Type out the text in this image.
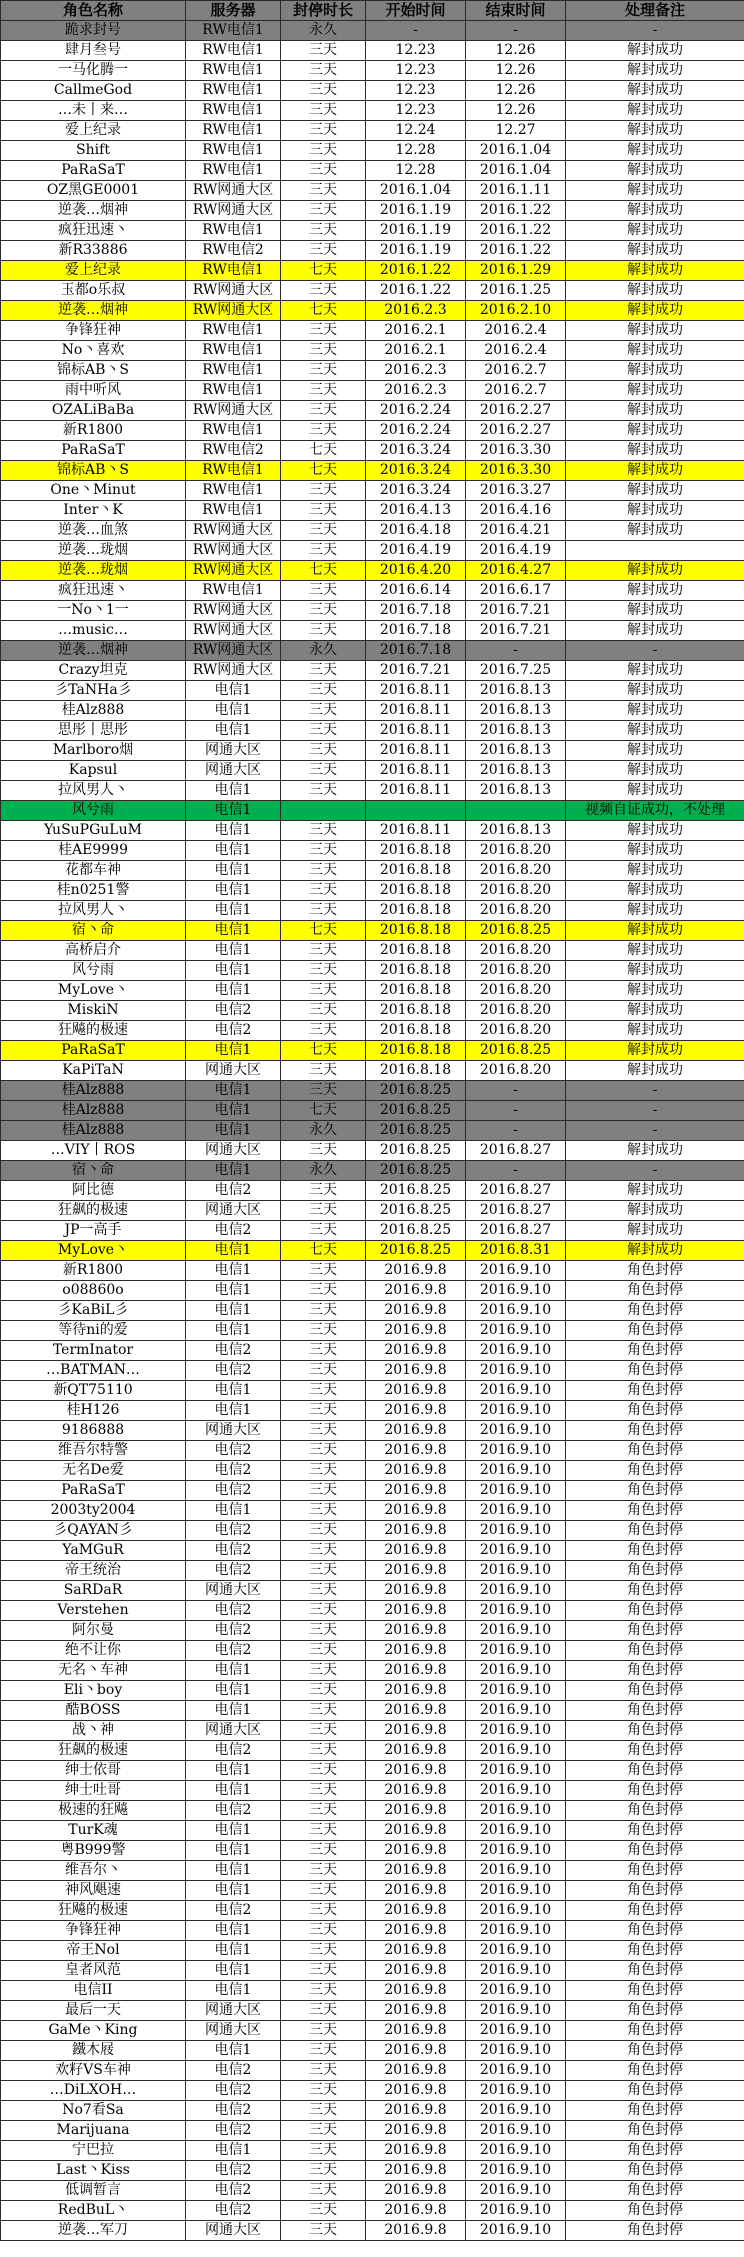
角色名称	服务器	封停时长	开始时间	结束时间	处理备注
跪求封号	RW电信1	永久	-	-	-
肆月叁号	RW电信1	三天	12.23	12.26	解封成功
一马化腾一	RW电信1	三天	12.23	12.26	解封成功
CallmeGod	RW电信1	三天	12.23	12.26	解封成功
…未丨来…	RW电信1	三天	12.23	12.26	解封成功
爱上纪录	RW电信1	三天	12.24	12.27	解封成功
Shift	RW电信1	三天	12.28	2016.1.04	解封成功
PaRaSaT	RW电信1	三天	12.28	2016.1.04	解封成功
OZ黑GE0001	RW网通大区	三天	2016.1.04	2016.1.11	解封成功
逆袭…烟神	RW网通大区	三天	2016.1.19	2016.1.22	解封成功
疯狂迅速丶	RW电信1	三天	2016.1.19	2016.1.22	解封成功
新R33886	RW电信2	三天	2016.1.19	2016.1.22	解封成功
爱上纪录	RW电信1	七天	2016.1.22	2016.1.29	解封成功
玉都o乐叔	RW网通大区	三天	2016.1.22	2016.1.25	解封成功
逆袭…烟神	RW网通大区	七天	2016.2.3	2016.2.10	解封成功
争锋狂神	RW电信1	三天	2016.2.1	2016.2.4	解封成功
No丶喜欢	RW电信1	三天	2016.2.1	2016.2.4	解封成功
锦标AB丶S	RW电信1	三天	2016.2.3	2016.2.7	解封成功
雨中听风	RW电信1	三天	2016.2.3	2016.2.7	解封成功
OZALiBaBa	RW网通大区	三天	2016.2.24	2016.2.27	解封成功
新R1800	RW电信1	三天	2016.2.24	2016.2.27	解封成功
PaRaSaT	RW电信2	七天	2016.3.24	2016.3.30	解封成功
锦标AB丶S	RW电信1	七天	2016.3.24	2016.3.30	解封成功
One丶Minut	RW电信1	三天	2016.3.24	2016.3.27	解封成功
Inter丶K	RW电信1	三天	2016.4.13	2016.4.16	解封成功
逆袭…血煞	RW网通大区	三天	2016.4.18	2016.4.21	解封成功
逆袭…珑烟	RW网通大区	三天	2016.4.19	2016.4.19	
逆袭…珑烟	RW网通大区	七天	2016.4.20	2016.4.27	解封成功
疯狂迅速丶	RW电信1	三天	2016.6.14	2016.6.17	解封成功
一No丶1一	RW网通大区	三天	2016.7.18	2016.7.21	解封成功
…music…	RW网通大区	三天	2016.7.18	2016.7.21	解封成功
逆袭…烟神	RW网通大区	永久	2016.7.18	-	-
Crazy坦克	RW网通大区	三天	2016.7.21	2016.7.25	解封成功
彡TaNHa彡	电信1	三天	2016.8.11	2016.8.13	解封成功
桂Alz888	电信1	三天	2016.8.11	2016.8.13	解封成功
思彤丨思彤	电信1	三天	2016.8.11	2016.8.13	解封成功
Marlboro烟	网通大区	三天	2016.8.11	2016.8.13	解封成功
Kapsul	网通大区	三天	2016.8.11	2016.8.13	解封成功
拉风男人丶	电信1	三天	2016.8.11	2016.8.13	解封成功
风兮雨	电信1				视频自证成功，不处理
YuSuPGuLuM	电信1	三天	2016.8.11	2016.8.13	解封成功
桂AE9999	电信1	三天	2016.8.18	2016.8.20	解封成功
花都车神	电信1	三天	2016.8.18	2016.8.20	解封成功
桂n0251警	电信1	三天	2016.8.18	2016.8.20	解封成功
拉风男人丶	电信1	三天	2016.8.18	2016.8.20	解封成功
宿丶命	电信1	七天	2016.8.18	2016.8.25	解封成功
高桥启介	电信1	三天	2016.8.18	2016.8.20	解封成功
风兮雨	电信1	三天	2016.8.18	2016.8.20	解封成功
MyLove丶	电信1	三天	2016.8.18	2016.8.20	解封成功
MiskiN	电信2	三天	2016.8.18	2016.8.20	解封成功
狂飚的极速	电信2	三天	2016.8.18	2016.8.20	解封成功
PaRaSaT	电信1	七天	2016.8.18	2016.8.25	解封成功
KaPiTaN	网通大区	三天	2016.8.18	2016.8.20	解封成功
桂Alz888	电信1	三天	2016.8.25	-	-
桂Alz888	电信1	七天	2016.8.25	-	-
桂Alz888	电信1	永久	2016.8.25	-	-
…VIY丨ROS	网通大区	三天	2016.8.25	2016.8.27	解封成功
宿丶命	电信1	永久	2016.8.25	-	-
阿比德	电信2	三天	2016.8.25	2016.8.27	解封成功
狂飙的极速	网通大区	三天	2016.8.25	2016.8.27	解封成功
JP一高手	电信2	三天	2016.8.25	2016.8.27	解封成功
MyLove丶	电信1	七天	2016.8.25	2016.8.31	解封成功
新R1800	电信1	三天	2016.9.8	2016.9.10	角色封停
o08860o	电信1	三天	2016.9.8	2016.9.10	角色封停
彡KaBiL彡	电信1	三天	2016.9.8	2016.9.10	角色封停
等待ni的爱	电信1	三天	2016.9.8	2016.9.10	角色封停
TermInator	电信2	三天	2016.9.8	2016.9.10	角色封停
…BATMAN…	电信2	三天	2016.9.8	2016.9.10	角色封停
新QT75110	电信1	三天	2016.9.8	2016.9.10	角色封停
桂H126	电信1	三天	2016.9.8	2016.9.10	角色封停
9186888	网通大区	三天	2016.9.8	2016.9.10	角色封停
维吾尔特警	电信2	三天	2016.9.8	2016.9.10	角色封停
无名De爱	电信2	三天	2016.9.8	2016.9.10	角色封停
PaRaSaT	电信2	三天	2016.9.8	2016.9.10	角色封停
2003ty2004	电信1	三天	2016.9.8	2016.9.10	角色封停
彡QAYAN彡	电信2	三天	2016.9.8	2016.9.10	角色封停
YaMGuR	电信2	三天	2016.9.8	2016.9.10	角色封停
帝王统治	电信2	三天	2016.9.8	2016.9.10	角色封停
SaRDaR	网通大区	三天	2016.9.8	2016.9.10	角色封停
Verstehen	电信2	三天	2016.9.8	2016.9.10	角色封停
阿尔曼	电信2	三天	2016.9.8	2016.9.10	角色封停
绝不让你	电信2	三天	2016.9.8	2016.9.10	角色封停
无名丶车神	电信1	三天	2016.9.8	2016.9.10	角色封停
Eli丶boy	电信1	三天	2016.9.8	2016.9.10	角色封停
酷BOSS	电信1	三天	2016.9.8	2016.9.10	角色封停
战丶神	网通大区	三天	2016.9.8	2016.9.10	角色封停
狂飙的极速	电信2	三天	2016.9.8	2016.9.10	角色封停
绅士依哥	电信1	三天	2016.9.8	2016.9.10	角色封停
绅士吐哥	电信1	三天	2016.9.8	2016.9.10	角色封停
极速的狂飚	电信2	三天	2016.9.8	2016.9.10	角色封停
TurK魂	电信1	三天	2016.9.8	2016.9.10	角色封停
粤B999警	电信1	三天	2016.9.8	2016.9.10	角色封停
维吾尔丶	电信1	三天	2016.9.8	2016.9.10	角色封停
神风飓速	电信1	三天	2016.9.8	2016.9.10	角色封停
狂飚的极速	电信2	三天	2016.9.8	2016.9.10	角色封停
争锋狂神	电信1	三天	2016.9.8	2016.9.10	角色封停
帝王Nol	电信1	三天	2016.9.8	2016.9.10	角色封停
皇者风范	电信1	三天	2016.9.8	2016.9.10	角色封停
电信II	电信1	三天	2016.9.8	2016.9.10	角色封停
最后一天	网通大区	三天	2016.9.8	2016.9.10	角色封停
GaMe丶King	网通大区	三天	2016.9.8	2016.9.10	角色封停
鐵木屐	电信1	三天	2016.9.8	2016.9.10	角色封停
欢籽VS车神	电信2	三天	2016.9.8	2016.9.10	角色封停
…DiLXOH…	电信2	三天	2016.9.8	2016.9.10	角色封停
No7看Sa	电信2	三天	2016.9.8	2016.9.10	角色封停
Marijuana	电信2	三天	2016.9.8	2016.9.10	角色封停
宁巴拉	电信1	三天	2016.9.8	2016.9.10	角色封停
Last丶Kiss	电信2	三天	2016.9.8	2016.9.10	角色封停
低调暂言	电信2	三天	2016.9.8	2016.9.10	角色封停
RedBuL丶	电信2	三天	2016.9.8	2016.9.10	角色封停
逆袭…军刀	网通大区	三天	2016.9.8	2016.9.10	角色封停
